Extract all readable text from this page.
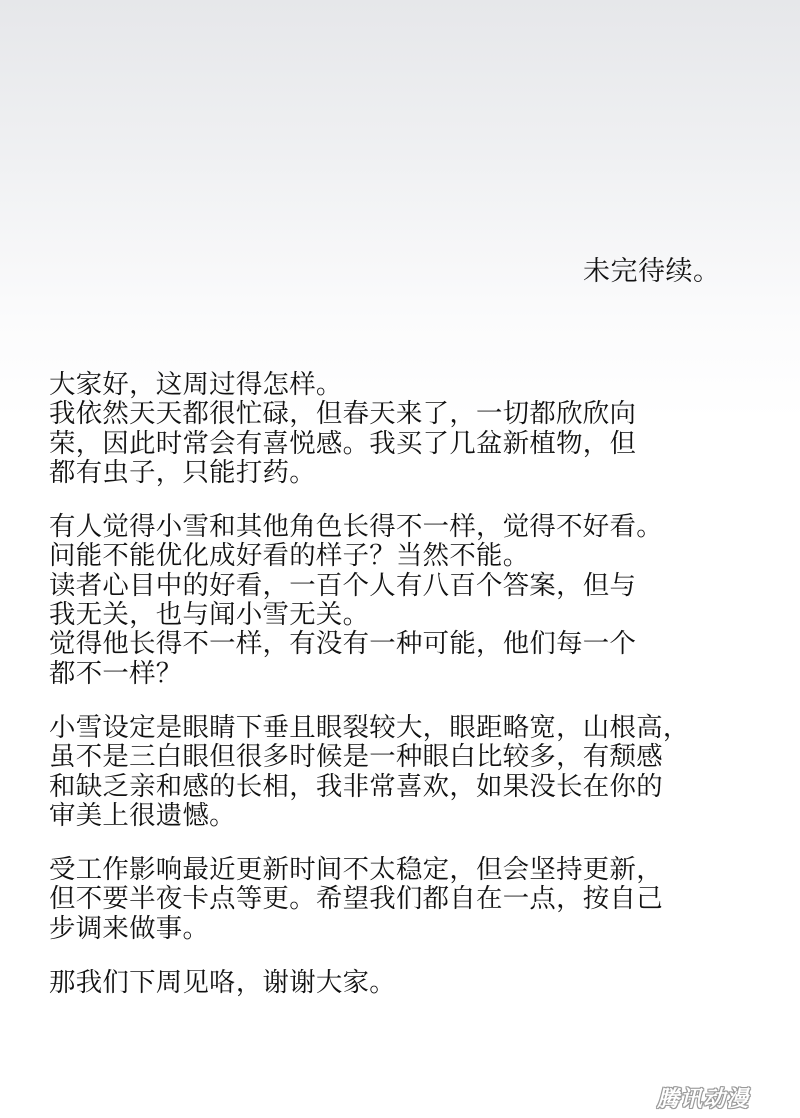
未完待续。
大家好，这周过得怎样。
我依然天天都很忙碌，但春天来了，一切都欣欣向
荣，因此时常会有喜悦感。我买了几盆新植物，但
都有虫子，只能打药。
有人觉得小雪和其他角色长得不一样，觉得不好看。
问能不能优化成好看的样子？当然不能。
读者心目中的好看，一百个人有八百个答案，但与
我无关，也与闻小雪无关。
觉得他长得不一样，有没有一种可能，他们每一个
都不一样？
小雪设定是眼睛下垂且眼裂较大，眼距略宽，山根高，
虽不是三白眼但很多时候是一种眼白比较多，有颓感
和缺乏亲和感的长相，我非常喜欢，如果没长在你的
审美上很遗憾。
受工作影响最近更新时间不太稳定，但会坚持更新，
但不要半夜卡点等更。希望我们都自在一点，按自己
步调来做事。
那我们下周见咯，谢谢大家。
腾讯动漫
